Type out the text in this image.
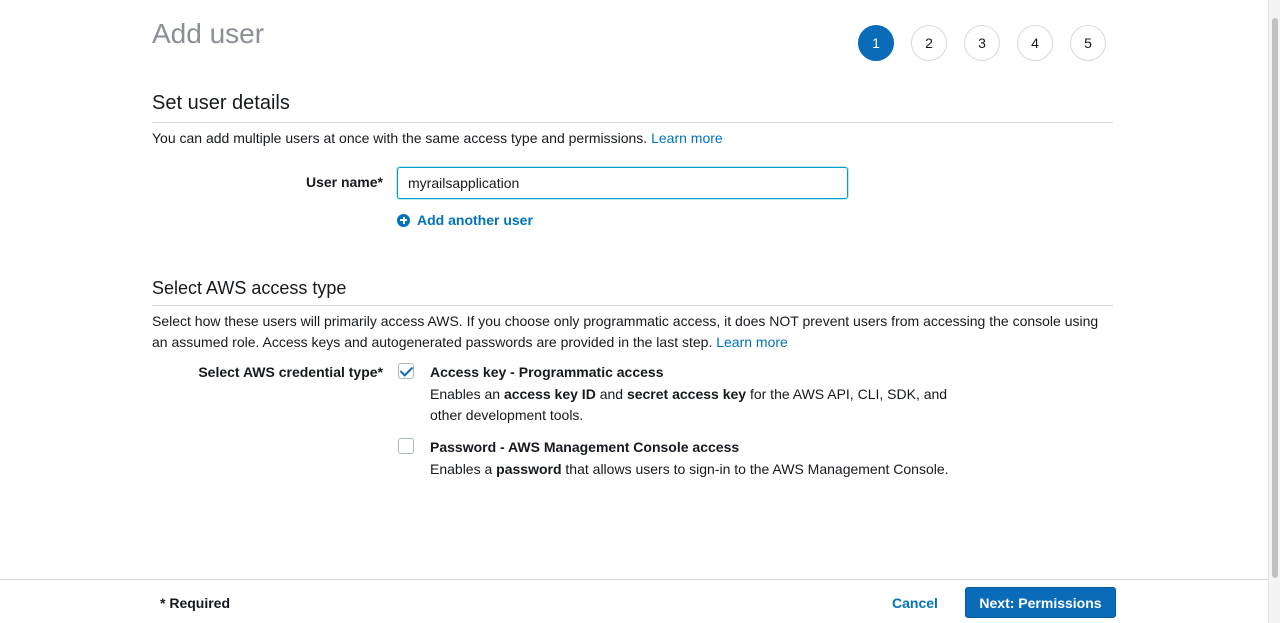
Add user	1	2	3	4	5
Set user details
You can add multiple users at once with the same access type and permissions. Learn more
User name*
myrailsapplication
Add another user
Select AWS access type
Select how these users will primarily access AWS. If you choose only programmatic access, it does NOT prevent users from accessing the console using an assumed role. Access keys and autogenerated passwords are provided in the last step. Learn more
Select AWS credential type*	Access key - Programmatic access
Enables an access key ID and secret access key for the AWS API, CLI, SDK, and other development tools.
Password - AWS Management Console access
Enables a password that allows users to sign-in to the AWS Management Console.
* Required	Cancel	Next: Permissions
